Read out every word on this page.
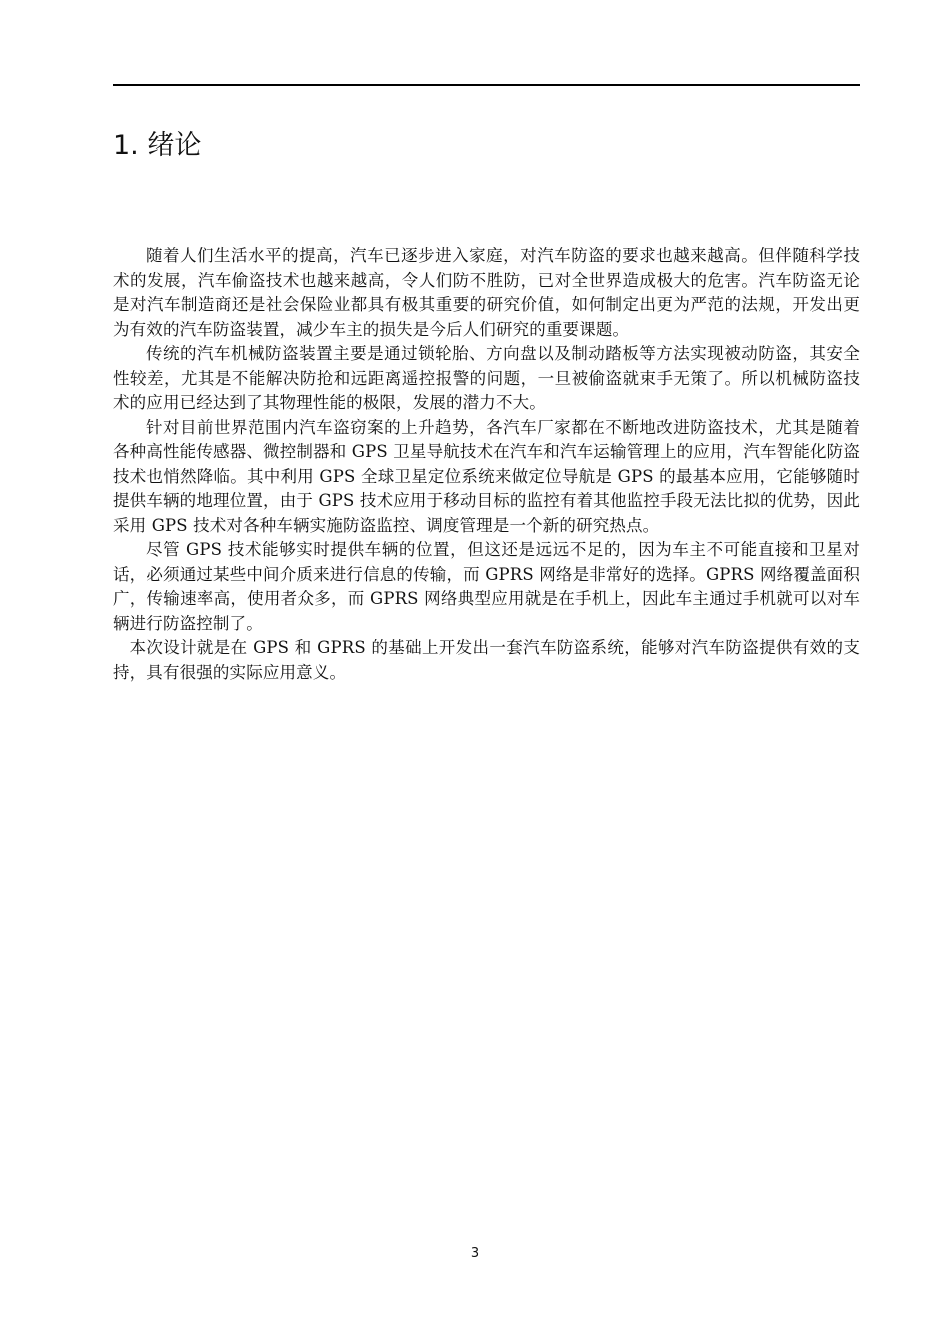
1. 绪论

随着人们生活水平的提高，汽车已逐步进入家庭，对汽车防盗的要求也越来越高。但伴随科学技术的发展，汽车偷盗技术也越来越高，令人们防不胜防，已对全世界造成极大的危害。汽车防盗无论是对汽车制造商还是社会保险业都具有极其重要的研究价值，如何制定出更为严范的法规，开发出更为有效的汽车防盗装置，减少车主的损失是今后人们研究的重要课题。

传统的汽车机械防盗装置主要是通过锁轮胎、方向盘以及制动踏板等方法实现被动防盗，其安全性较差，尤其是不能解决防抢和远距离遥控报警的问题，一旦被偷盗就束手无策了。所以机械防盗技术的应用已经达到了其物理性能的极限，发展的潜力不大。

针对目前世界范围内汽车盗窃案的上升趋势，各汽车厂家都在不断地改进防盗技术，尤其是随着各种高性能传感器、微控制器和 GPS 卫星导航技术在汽车和汽车运输管理上的应用，汽车智能化防盗技术也悄然降临。其中利用 GPS 全球卫星定位系统来做定位导航是 GPS 的最基本应用，它能够随时提供车辆的地理位置，由于 GPS 技术应用于移动目标的监控有着其他监控手段无法比拟的优势，因此采用 GPS 技术对各种车辆实施防盗监控、调度管理是一个新的研究热点。

尽管 GPS 技术能够实时提供车辆的位置，但这还是远远不足的，因为车主不可能直接和卫星对话，必须通过某些中间介质来进行信息的传输，而 GPRS 网络是非常好的选择。GPRS 网络覆盖面积广，传输速率高，使用者众多，而 GPRS 网络典型应用就是在手机上，因此车主通过手机就可以对车辆进行防盗控制了。

本次设计就是在 GPS 和 GPRS 的基础上开发出一套汽车防盗系统，能够对汽车防盗提供有效的支持，具有很强的实际应用意义。

3
